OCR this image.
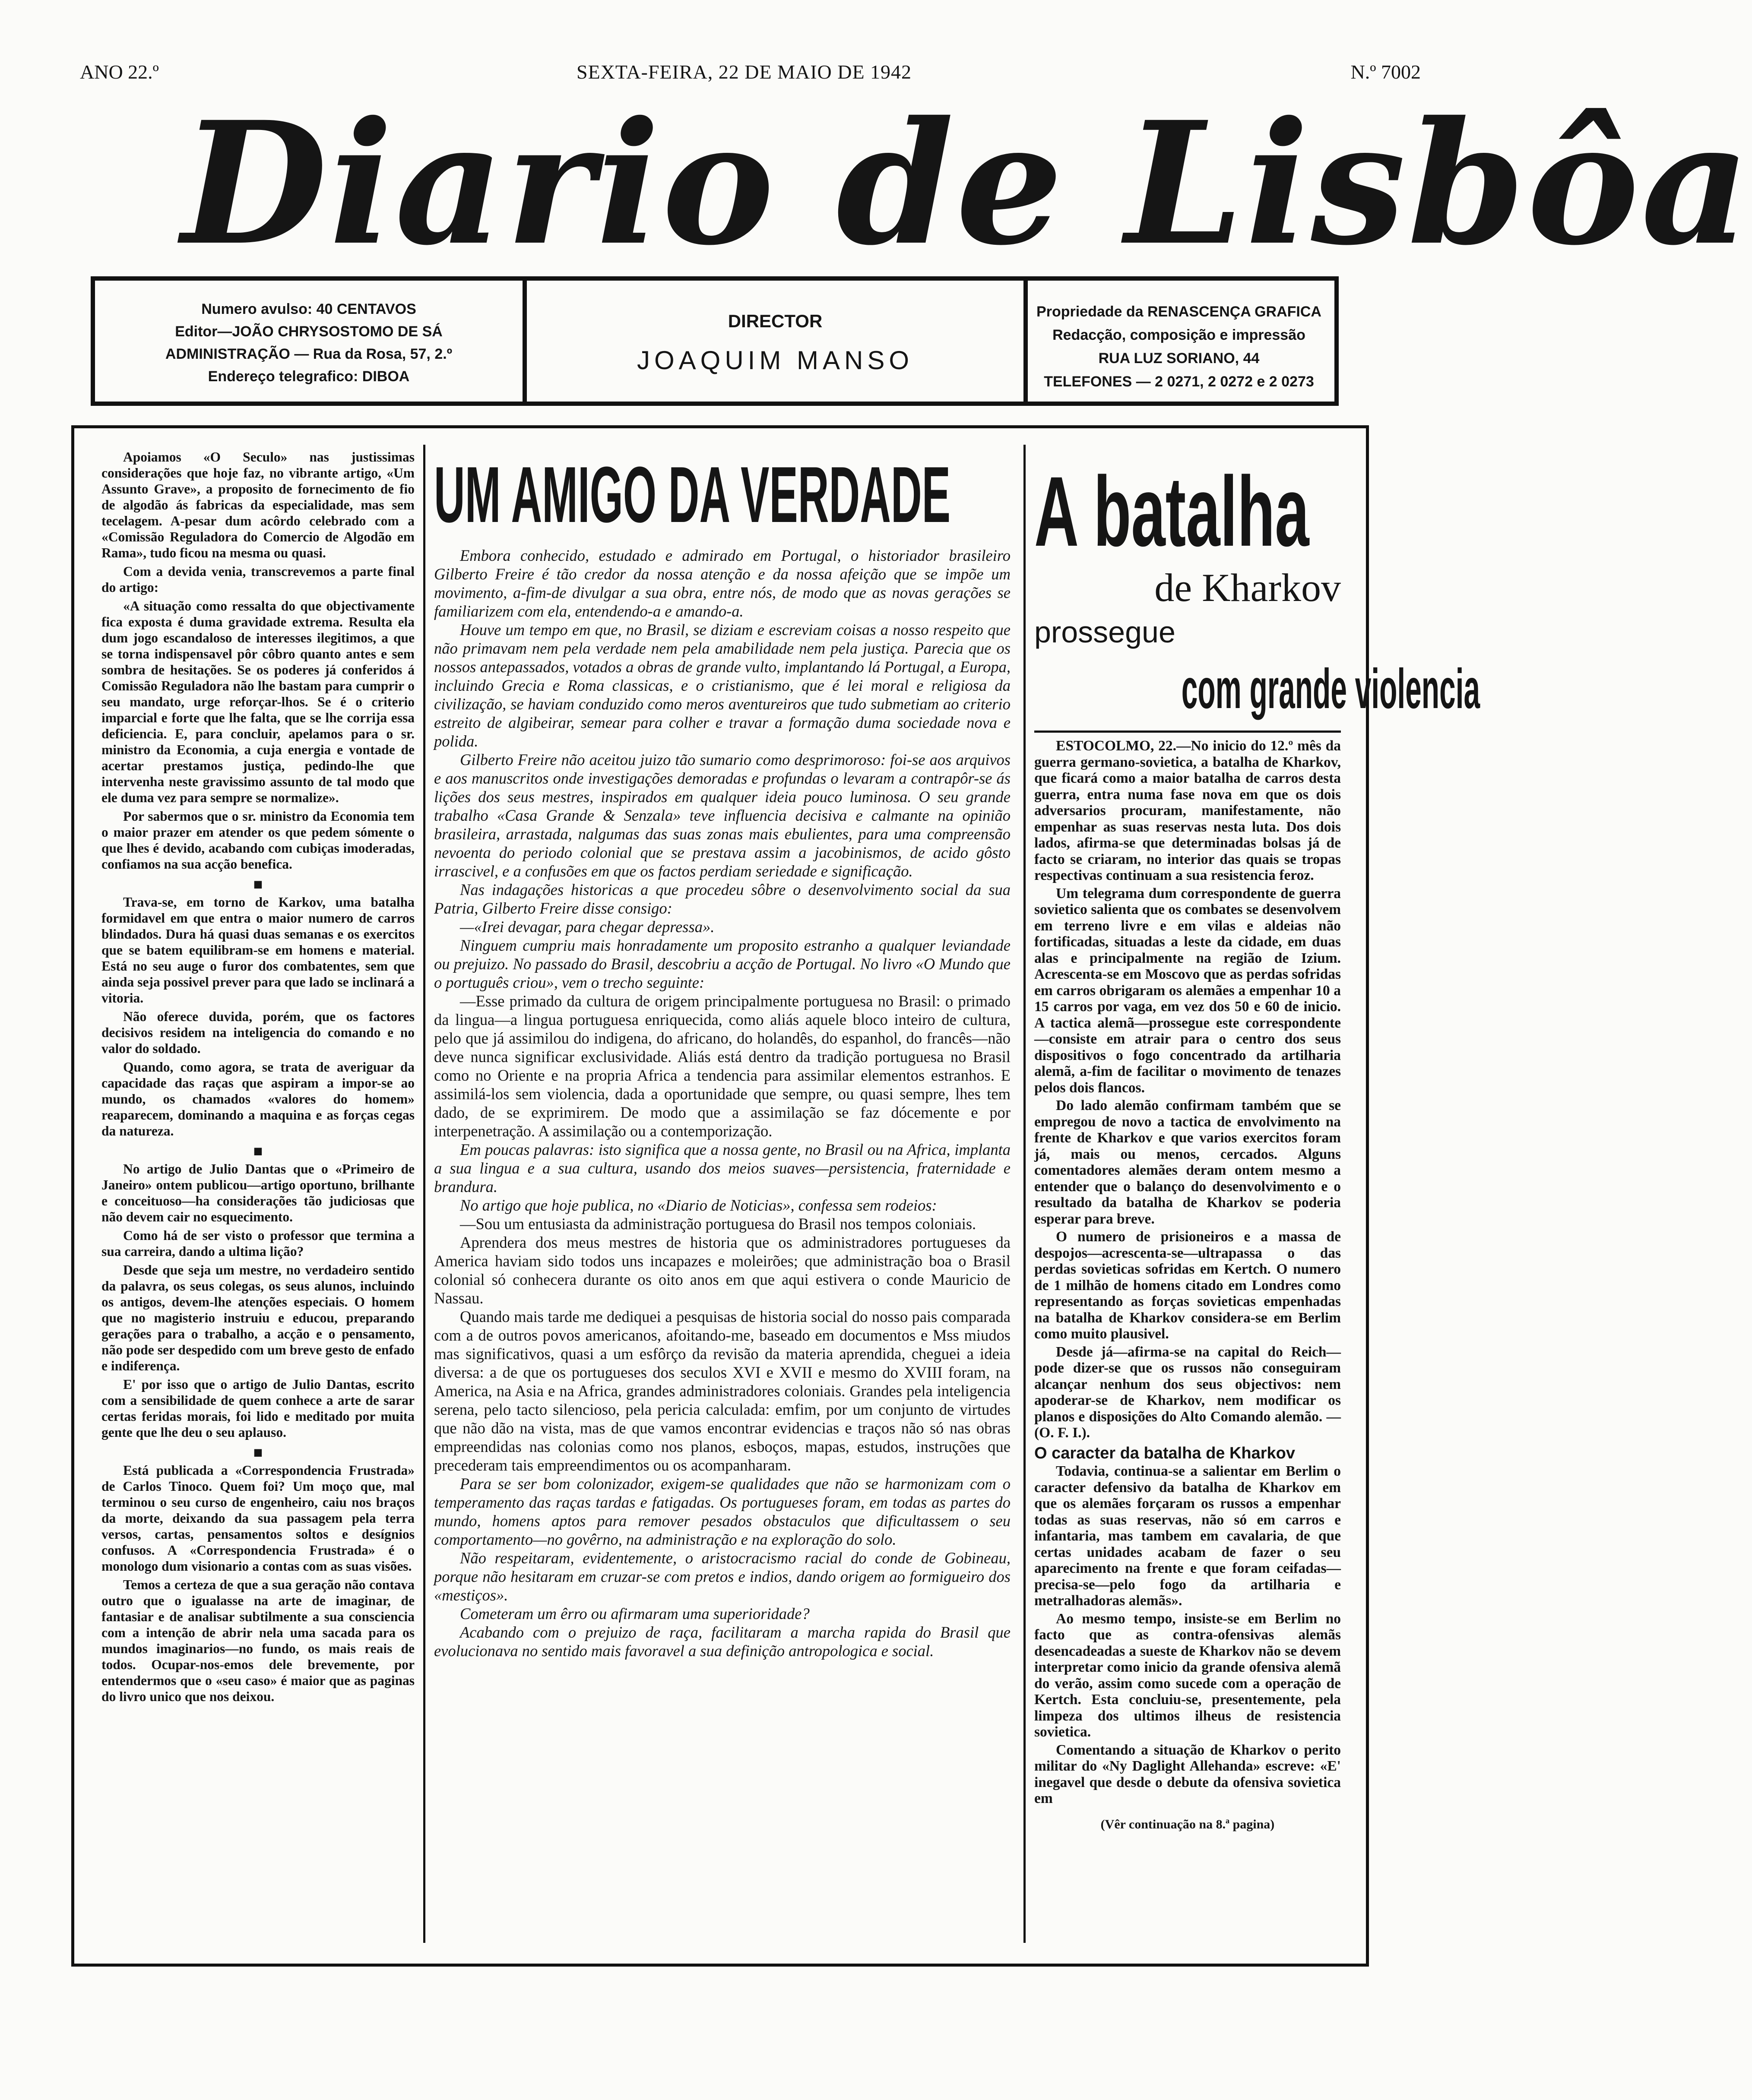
ANO 22.º	SEXTA-FEIRA, 22 DE MAIO DE 1942	N.º 7002
Diario de Lisbôa
Numero avulso: 40 CENTAVOS
Editor—JOÃO CHRYSOSTOMO DE SÁ
ADMINISTRAÇÃO — Rua da Rosa, 57, 2.º
Endereço telegrafico: DIBOA
DIRECTOR
JOAQUIM MANSO
Propriedade da RENASCENÇA GRAFICA
Redacção, composição e impressão
RUA LUZ SORIANO, 44
TELEFONES — 2 0271, 2 0272 e 2 0273

Apoiamos «O Seculo» nas justissimas considerações que hoje faz, no vibrante artigo, «Um Assunto Grave», a proposito de fornecimento de fio de algodão ás fabricas da especialidade, mas sem tecelagem. A-pesar dum acôrdo celebrado com a «Comissão Reguladora do Comercio de Algodão em Rama», tudo ficou na mesma ou quasi.

Com a devida venia, transcrevemos a parte final do artigo:

«A situação como ressalta do que objectivamente fica exposta é duma gravidade extrema. Resulta ela dum jogo escandaloso de interesses ilegitimos, a que se torna indispensavel pôr côbro quanto antes e sem sombra de hesitações. Se os poderes já conferidos á Comissão Reguladora não lhe bastam para cumprir o seu mandato, urge reforçar-lhos. Se é o criterio imparcial e forte que lhe falta, que se lhe corrija essa deficiencia. E, para concluir, apelamos para o sr. ministro da Economia, a cuja energia e vontade de acertar prestamos justiça, pedindo-lhe que intervenha neste gravissimo assunto de tal modo que ele duma vez para sempre se normalize».

Por sabermos que o sr. ministro da Economia tem o maior prazer em atender os que pedem sómente o que lhes é devido, acabando com cubiças imoderadas, confiamos na sua acção benefica.

■

Trava-se, em torno de Karkov, uma batalha formidavel em que entra o maior numero de carros blindados. Dura há quasi duas semanas e os exercitos que se batem equilibram-se em homens e material. Está no seu auge o furor dos combatentes, sem que ainda seja possivel prever para que lado se inclinará a vitoria.

Não oferece duvida, porém, que os factores decisivos residem na inteligencia do comando e no valor do soldado.

Quando, como agora, se trata de averiguar da capacidade das raças que aspiram a impor-se ao mundo, os chamados «valores do homem» reaparecem, dominando a maquina e as forças cegas da natureza.

■

No artigo de Julio Dantas que o «Primeiro de Janeiro» ontem publicou—artigo oportuno, brilhante e conceituoso—ha considerações tão judiciosas que não devem cair no esquecimento.

Como há de ser visto o professor que termina a sua carreira, dando a ultima lição?

Desde que seja um mestre, no verdadeiro sentido da palavra, os seus colegas, os seus alunos, incluindo os antigos, devem-lhe atenções especiais. O homem que no magisterio instruiu e educou, preparando gerações para o trabalho, a acção e o pensamento, não pode ser despedido com um breve gesto de enfado e indiferença.

E' por isso que o artigo de Julio Dantas, escrito com a sensibilidade de quem conhece a arte de sarar certas feridas morais, foi lido e meditado por muita gente que lhe deu o seu aplauso.

■

Está publicada a «Correspondencia Frustrada» de Carlos Tinoco. Quem foi? Um moço que, mal terminou o seu curso de engenheiro, caiu nos braços da morte, deixando da sua passagem pela terra versos, cartas, pensamentos soltos e desígnios confusos. A «Correspondencia Frustrada» é o monologo dum visionario a contas com as suas visões.

Temos a certeza de que a sua geração não contava outro que o igualasse na arte de imaginar, de fantasiar e de analisar subtilmente a sua consciencia com a intenção de abrir nela uma sacada para os mundos imaginarios—no fundo, os mais reais de todos. Ocupar-nos-emos dele brevemente, por entendermos que o «seu caso» é maior que as paginas do livro unico que nos deixou.

UM AMIGO DA VERDADE

Embora conhecido, estudado e admirado em Portugal, o historiador brasileiro Gilberto Freire é tão credor da nossa atenção e da nossa afeição que se impõe um movimento, a-fim-de divulgar a sua obra, entre nós, de modo que as novas gerações se familiarizem com ela, entendendo-a e amando-a.

Houve um tempo em que, no Brasil, se diziam e escreviam coisas a nosso respeito que não primavam nem pela verdade nem pela amabilidade nem pela justiça. Parecia que os nossos antepassados, votados a obras de grande vulto, implantando lá Portugal, a Europa, incluindo Grecia e Roma classicas, e o cristianismo, que é lei moral e religiosa da civilização, se haviam conduzido como meros aventureiros que tudo submetiam ao criterio estreito de algibeirar, semear para colher e travar a formação duma sociedade nova e polida.

Gilberto Freire não aceitou juizo tão sumario como desprimoroso: foi-se aos arquivos e aos manuscritos onde investigações demoradas e profundas o levaram a contrapôr-se ás lições dos seus mestres, inspirados em qualquer ideia pouco luminosa. O seu grande trabalho «Casa Grande & Senzala» teve influencia decisiva e calmante na opinião brasileira, arrastada, nalgumas das suas zonas mais ebulientes, para uma compreensão nevoenta do periodo colonial que se prestava assim a jacobinismos, de acido gôsto irrascivel, e a confusões em que os factos perdiam seriedade e significação.

Nas indagações historicas a que procedeu sôbre o desenvolvimento social da sua Patria, Gilberto Freire disse consigo:

—«Irei devagar, para chegar depressa».

Ninguem cumpriu mais honradamente um proposito estranho a qualquer leviandade ou prejuizo. No passado do Brasil, descobriu a acção de Portugal. No livro «O Mundo que o português criou», vem o trecho seguinte:

—Esse primado da cultura de origem principalmente portuguesa no Brasil: o primado da lingua—a lingua portuguesa enriquecida, como aliás aquele bloco inteiro de cultura, pelo que já assimilou do indigena, do africano, do holandês, do espanhol, do francês—não deve nunca significar exclusividade. Aliás está dentro da tradição portuguesa no Brasil como no Oriente e na propria Africa a tendencia para assimilar elementos estranhos. E assimilá-los sem violencia, dada a oportunidade que sempre, ou quasi sempre, lhes tem dado, de se exprimirem. De modo que a assimilação se faz dócemente e por interpenetração. A assimilação ou a contemporização.

Em poucas palavras: isto significa que a nossa gente, no Brasil ou na Africa, implanta a sua lingua e a sua cultura, usando dos meios suaves—persistencia, fraternidade e brandura.

No artigo que hoje publica, no «Diario de Noticias», confessa sem rodeios:

—Sou um entusiasta da administração portuguesa do Brasil nos tempos coloniais.

Aprendera dos meus mestres de historia que os administradores portugueses da America haviam sido todos uns incapazes e moleirões; que administração boa o Brasil colonial só conhecera durante os oito anos em que aqui estivera o conde Mauricio de Nassau.

Quando mais tarde me dediquei a pesquisas de historia social do nosso pais comparada com a de outros povos americanos, afoitando-me, baseado em documentos e Mss miudos mas significativos, quasi a um esfôrço da revisão da materia aprendida, cheguei a ideia diversa: a de que os portugueses dos seculos XVI e XVII e mesmo do XVIII foram, na America, na Asia e na Africa, grandes administradores coloniais. Grandes pela inteligencia serena, pelo tacto silencioso, pela pericia calculada: emfim, por um conjunto de virtudes que não dão na vista, mas de que vamos encontrar evidencias e traços não só nas obras empreendidas nas colonias como nos planos, esboços, mapas, estudos, instruções que precederam tais empreendimentos ou os acompanharam.

Para se ser bom colonizador, exigem-se qualidades que não se harmonizam com o temperamento das raças tardas e fatigadas. Os portugueses foram, em todas as partes do mundo, homens aptos para remover pesados obstaculos que dificultassem o seu comportamento—no govêrno, na administração e na exploração do solo.

Não respeitaram, evidentemente, o aristocracismo racial do conde de Gobineau, porque não hesitaram em cruzar-se com pretos e indios, dando origem ao formigueiro dos «mestiços».

Cometeram um êrro ou afirmaram uma superioridade?

Acabando com o prejuizo de raça, facilitaram a marcha rapida do Brasil que evolucionava no sentido mais favoravel a sua definição antropologica e social.

A batalha
de Kharkov
prossegue
com grande violencia

ESTOCOLMO, 22.—No inicio do 12.º mês da guerra germano-sovietica, a batalha de Kharkov, que ficará como a maior batalha de carros desta guerra, entra numa fase nova em que os dois adversarios procuram, manifestamente, não empenhar as suas reservas nesta luta. Dos dois lados, afirma-se que determinadas bolsas já de facto se criaram, no interior das quais se tropas respectivas continuam a sua resistencia feroz.

Um telegrama dum correspondente de guerra sovietico salienta que os combates se desenvolvem em terreno livre e em vilas e aldeias não fortificadas, situadas a leste da cidade, em duas alas e principalmente na região de Izium. Acrescenta-se em Moscovo que as perdas sofridas em carros obrigaram os alemães a empenhar 10 a 15 carros por vaga, em vez dos 50 e 60 de inicio. A tactica alemã—prossegue este correspondente—consiste em atrair para o centro dos seus dispositivos o fogo concentrado da artilharia alemã, a-fim de facilitar o movimento de tenazes pelos dois flancos.

Do lado alemão confirmam também que se empregou de novo a tactica de envolvimento na frente de Kharkov e que varios exercitos foram já, mais ou menos, cercados. Alguns comentadores alemães deram ontem mesmo a entender que o balanço do desenvolvimento e o resultado da batalha de Kharkov se poderia esperar para breve.

O numero de prisioneiros e a massa de despojos—acrescenta-se—ultrapassa o das perdas sovieticas sofridas em Kertch. O numero de 1 milhão de homens citado em Londres como representando as forças sovieticas empenhadas na batalha de Kharkov considera-se em Berlim como muito plausivel.

Desde já—afirma-se na capital do Reich—pode dizer-se que os russos não conseguiram alcançar nenhum dos seus objectivos: nem apoderar-se de Kharkov, nem modificar os planos e disposições do Alto Comando alemão. —(O. F. I.).

O caracter da batalha de Kharkov

Todavia, continua-se a salientar em Berlim o caracter defensivo da batalha de Kharkov em que os alemães forçaram os russos a empenhar todas as suas reservas, não só em carros e infantaria, mas tambem em cavalaria, de que certas unidades acabam de fazer o seu aparecimento na frente e que foram ceifadas—precisa-se—pelo fogo da artilharia e metralhadoras alemãs».

Ao mesmo tempo, insiste-se em Berlim no facto que as contra-ofensivas alemãs desencadeadas a sueste de Kharkov não se devem interpretar como inicio da grande ofensiva alemã do verão, assim como sucede com a operação de Kertch. Esta concluiu-se, presentemente, pela limpeza dos ultimos ilheus de resistencia sovietica.

Comentando a situação de Kharkov o perito militar do «Ny Daglight Allehanda» escreve: «E' inegavel que desde o debute da ofensiva sovietica em

(Vêr continuação na 8.ª pagina)
